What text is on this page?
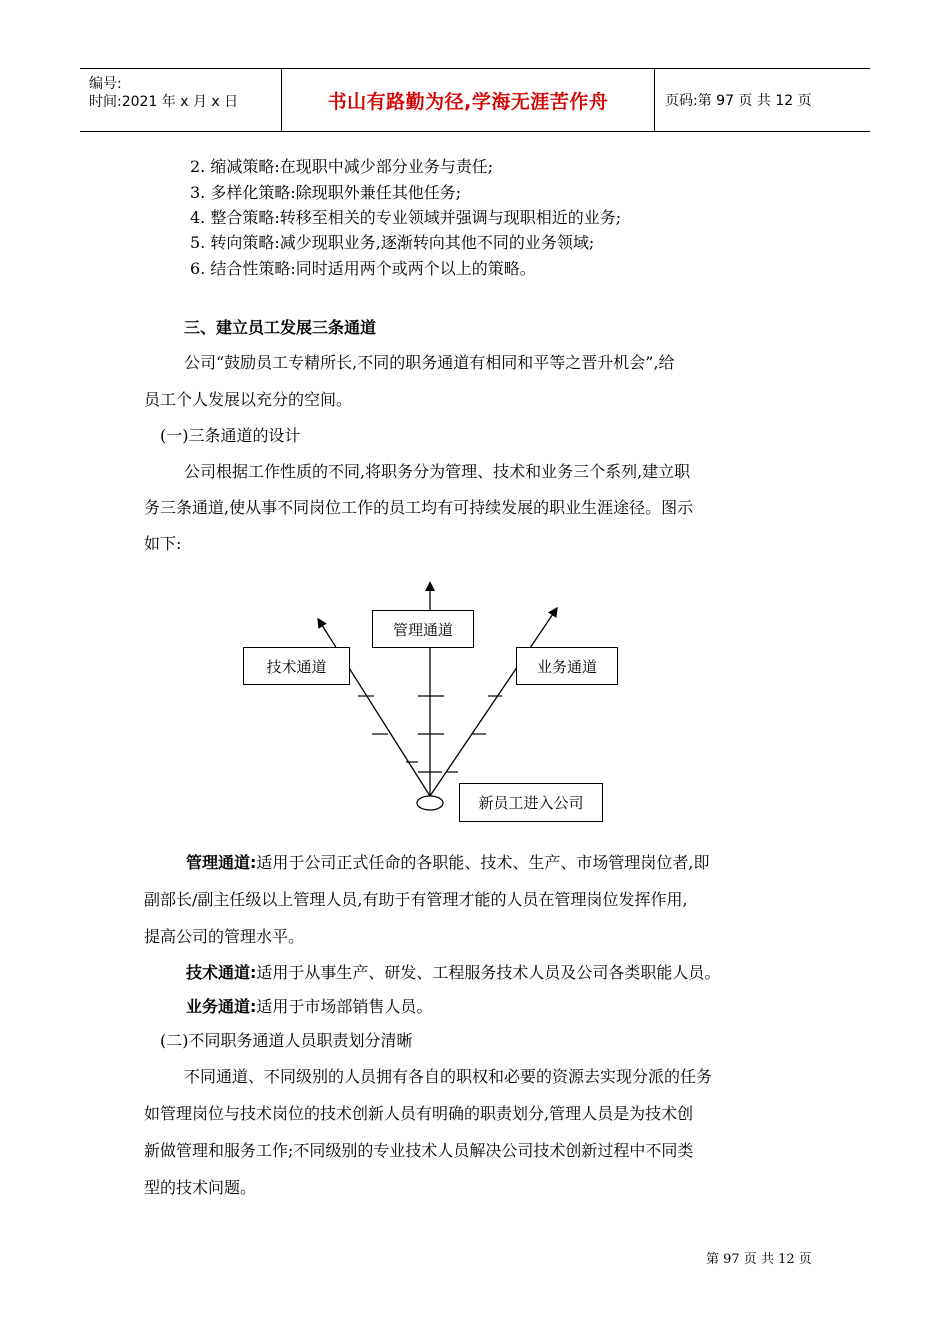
编号:
时间:2021 年 x 月 x 日	书山有路勤为径,学海无涯苦作舟	页码:第 97 页 共 12 页
2. 缩减策略:在现职中减少部分业务与责任;
3. 多样化策略:除现职外兼任其他任务;
4. 整合策略:转移至相关的专业领域并强调与现职相近的业务;
5. 转向策略:减少现职业务,逐渐转向其他不同的业务领域;
6. 结合性策略:同时适用两个或两个以上的策略。
三、建立员工发展三条通道
公司“鼓励员工专精所长,不同的职务通道有相同和平等之晋升机会”,给
员工个人发展以充分的空间。
(一)三条通道的设计
公司根据工作性质的不同,将职务分为管理、技术和业务三个系列,建立职
务三条通道,使从事不同岗位工作的员工均有可持续发展的职业生涯途径。图示
如下:
管理通道
技术通道	业务通道
新员工进入公司
管理通道:适用于公司正式任命的各职能、技术、生产、市场管理岗位者,即
副部长/副主任级以上管理人员,有助于有管理才能的人员在管理岗位发挥作用,
提高公司的管理水平。
技术通道:适用于从事生产、研发、工程服务技术人员及公司各类职能人员。
业务通道:适用于市场部销售人员。
(二)不同职务通道人员职责划分清晰
不同通道、不同级别的人员拥有各自的职权和必要的资源去实现分派的任务
如管理岗位与技术岗位的技术创新人员有明确的职责划分,管理人员是为技术创
新做管理和服务工作;不同级别的专业技术人员解决公司技术创新过程中不同类
型的技术问题。
第 97 页 共 12 页
